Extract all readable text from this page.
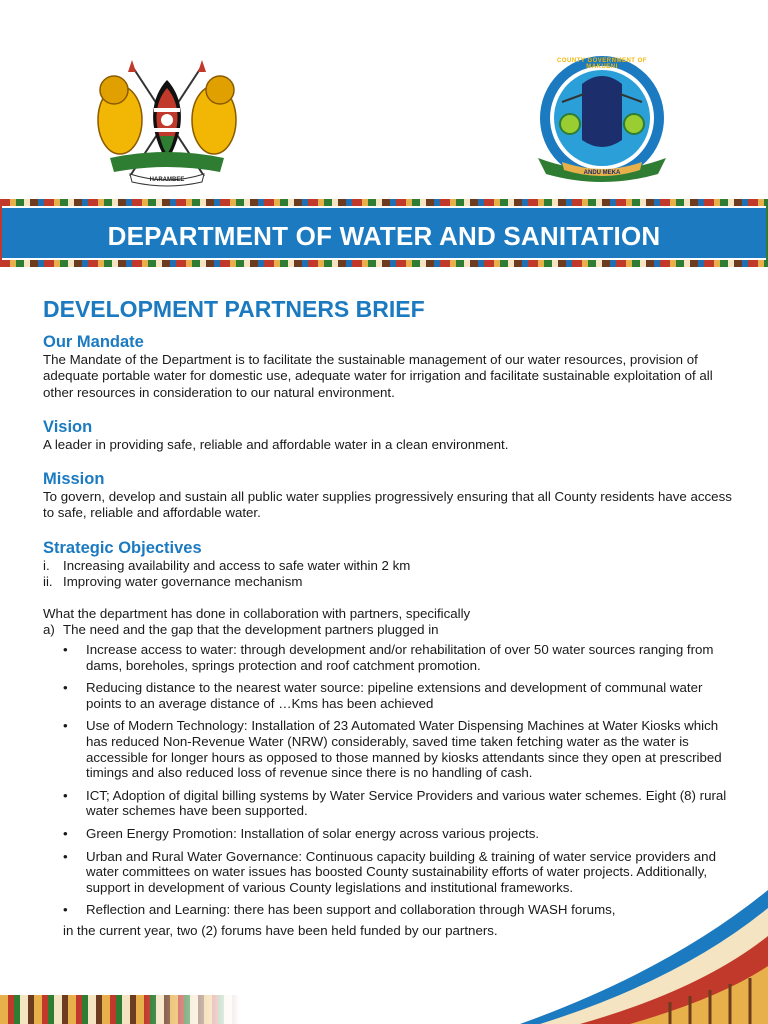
HARAMBEE
COUNTY GOVERNMENT OF MAKUENI
ANDU MEKA
DEPARTMENT OF WATER AND SANITATION
DEVELOPMENT PARTNERS BRIEF
Our Mandate

The Mandate of the Department is to facilitate the sustainable management of our water resources, provision of adequate portable water for domestic use, adequate water for irrigation and facilitate sustainable exploitation of all other resources in consideration to our natural environment.

Vision

A leader in providing safe, reliable and affordable water in a clean environment.

Mission

To govern, develop and sustain all public water supplies progressively ensuring that all County residents have access to safe, reliable and affordable water.

Strategic Objectives
i. Increasing availability and access to safe water within 2 km
ii. Improving water governance mechanism

What the department has done in collaboration with partners, specifically

a) The need and the gap that the development partners plugged in
• Increase access to water: through development and/or rehabilitation of over 50 water sources ranging from dams, boreholes, springs protection and roof catchment promotion.
• Reducing distance to the nearest water source: pipeline extensions and development of communal water points to an average distance of …Kms has been achieved
• Use of Modern Technology: Installation of 23 Automated Water Dispensing Machines at Water Kiosks which has reduced Non-Revenue Water (NRW) considerably, saved time taken fetching water as the water is accessible for longer hours as opposed to those manned by kiosks attendants since they open at prescribed timings and also reduced loss of revenue since there is no handling of cash.
• ICT; Adoption of digital billing systems by Water Service Providers and various water schemes. Eight (8) rural water schemes have been supported.
• Green Energy Promotion: Installation of solar energy across various projects.
• Urban and Rural Water Governance: Continuous capacity building & training of water service providers and water committees on water issues has boosted County sustainability efforts of water projects. Additionally, support in development of various County legislations and institutional frameworks.
• Reflection and Learning: there has been support and collaboration through WASH forums,
in the current year, two (2) forums have been held funded by our partners.
